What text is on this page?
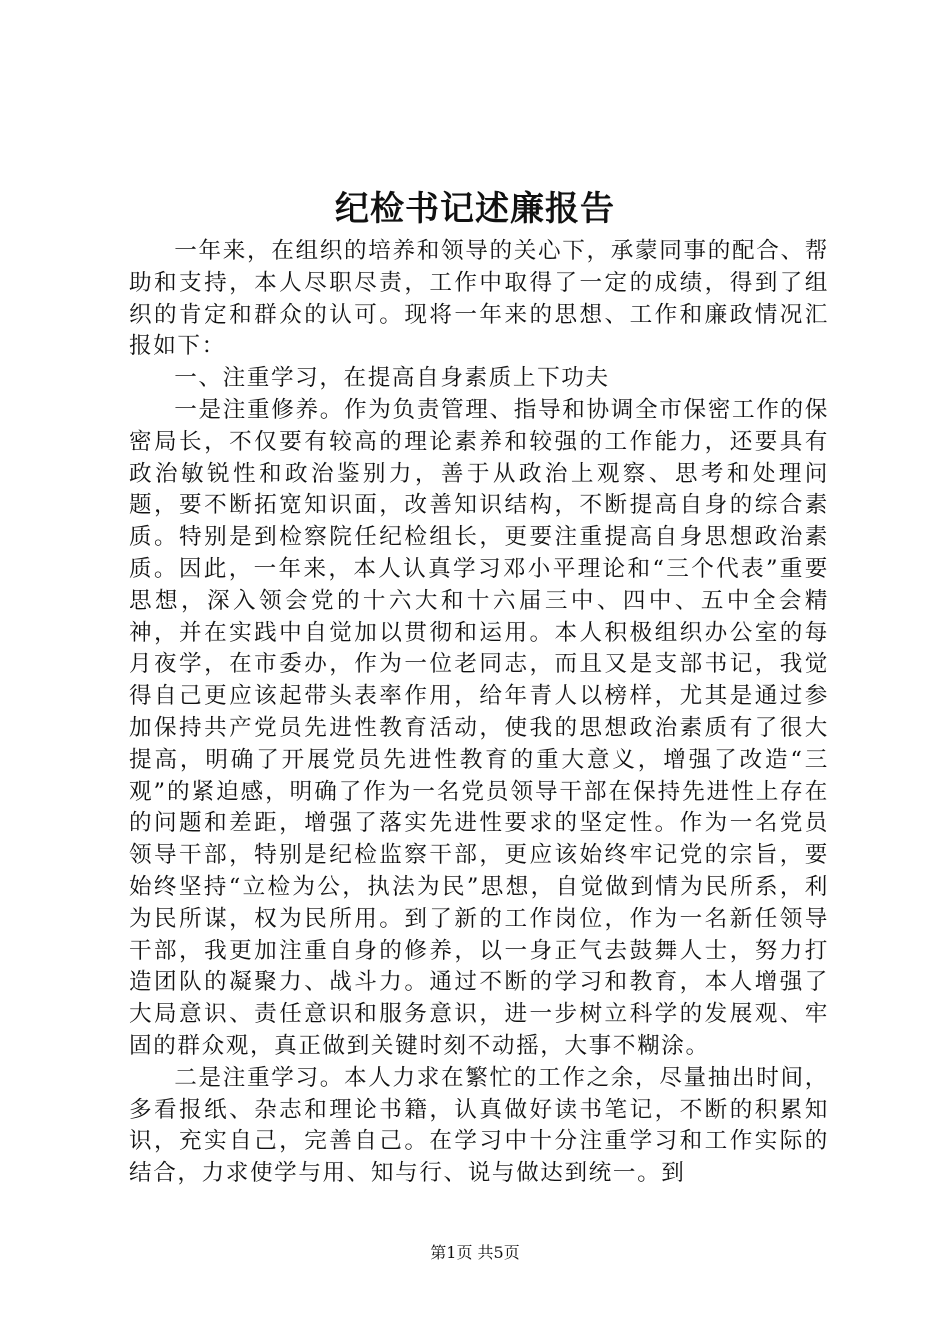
纪检书记述廉报告

一年来，在组织的培养和领导的关心下，承蒙同事的配合、帮助和支持，本人尽职尽责，工作中取得了一定的成绩，得到了组织的肯定和群众的认可。现将一年来的思想、工作和廉政情况汇报如下：

一、注重学习，在提高自身素质上下功夫

一是注重修养。作为负责管理、指导和协调全市保密工作的保密局长，不仅要有较高的理论素养和较强的工作能力，还要具有政治敏锐性和政治鉴别力，善于从政治上观察、思考和处理问题，要不断拓宽知识面，改善知识结构，不断提高自身的综合素质。特别是到检察院任纪检组长，更要注重提高自身思想政治素质。因此，一年来，本人认真学习邓小平理论和“三个代表”重要思想，深入领会党的十六大和十六届三中、四中、五中全会精神，并在实践中自觉加以贯彻和运用。本人积极组织办公室的每月夜学，在市委办，作为一位老同志，而且又是支部书记，我觉得自己更应该起带头表率作用，给年青人以榜样，尤其是通过参加保持共产党员先进性教育活动，使我的思想政治素质有了很大提高，明确了开展党员先进性教育的重大意义，增强了改造“三观”的紧迫感，明确了作为一名党员领导干部在保持先进性上存在的问题和差距，增强了落实先进性要求的坚定性。作为一名党员领导干部，特别是纪检监察干部，更应该始终牢记党的宗旨，要始终坚持“立检为公，执法为民”思想，自觉做到情为民所系，利为民所谋，权为民所用。到了新的工作岗位，作为一名新任领导干部，我更加注重自身的修养，以一身正气去鼓舞人士，努力打造团队的凝聚力、战斗力。通过不断的学习和教育，本人增强了大局意识、责任意识和服务意识，进一步树立科学的发展观、牢固的群众观，真正做到关键时刻不动摇，大事不糊涂。

二是注重学习。本人力求在繁忙的工作之余，尽量抽出时间，多看报纸、杂志和理论书籍，认真做好读书笔记，不断的积累知识，充实自己，完善自己。在学习中十分注重学习和工作实际的结合，力求使学与用、知与行、说与做达到统一。到

第1页 共5页
